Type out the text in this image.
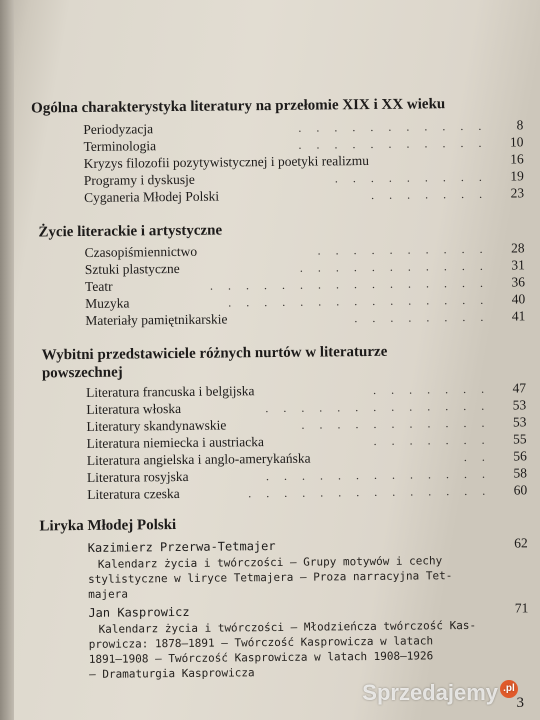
Ogólna charakterystyka literatury na przełomie XIX i XX wieku
Periodyzacja	. . . . . . . . . . .	8
Terminologia	. . . . . . . . . . .	10
Kryzys filozofii pozytywistycznej i poetyki realizmu	16
Programy i dyskusje	. . . . . . . . .	19
Cyganeria Młodej Polski	. . . . . . .	23
Życie literackie i artystyczne
Czasopiśmiennictwo	. . . . . . . . . .	28
Sztuki plastyczne	. . . . . . . . . . .	31
Teatr	. . . . . . . . . . . . . . . .	36
Muzyka	. . . . . . . . . . . . . . .	40
Materiały pamiętnikarskie	. . . . . . . .	41
Wybitni przedstawiciele różnych nurtów w literaturze
powszechnej
Literatura francuska i belgijska	. . . . . . .	47
Literatura włoska	. . . . . . . . . . . . .	53
Literatury skandynawskie	. . . . . . . . . . .	53
Literatura niemiecka i austriacka	. . . . . . .	55
Literatura angielska i anglo-amerykańska	. .	56
Literatura rosyjska	. . . . . . . . . . . . .	58
Literatura czeska	. . . . . . . . . . . . . .	60
Liryka Młodej Polski
Kazimierz Przerwa-Tetmajer	62
Kalendarz życia i twórczości — Grupy motywów i cechy
stylistyczne w liryce Tetmajera — Proza narracyjna Tet-
majera
Jan Kasprowicz	71
Kalendarz życia i twórczości — Młodzieńcza twórczość Kas-
prowicza: 1878—1891 — Twórczość Kasprowicza w latach
1891—1908 — Twórczość Kasprowicza w latach 1908—1926
— Dramaturgia Kasprowicza
Sprzedajemy .pl
3
